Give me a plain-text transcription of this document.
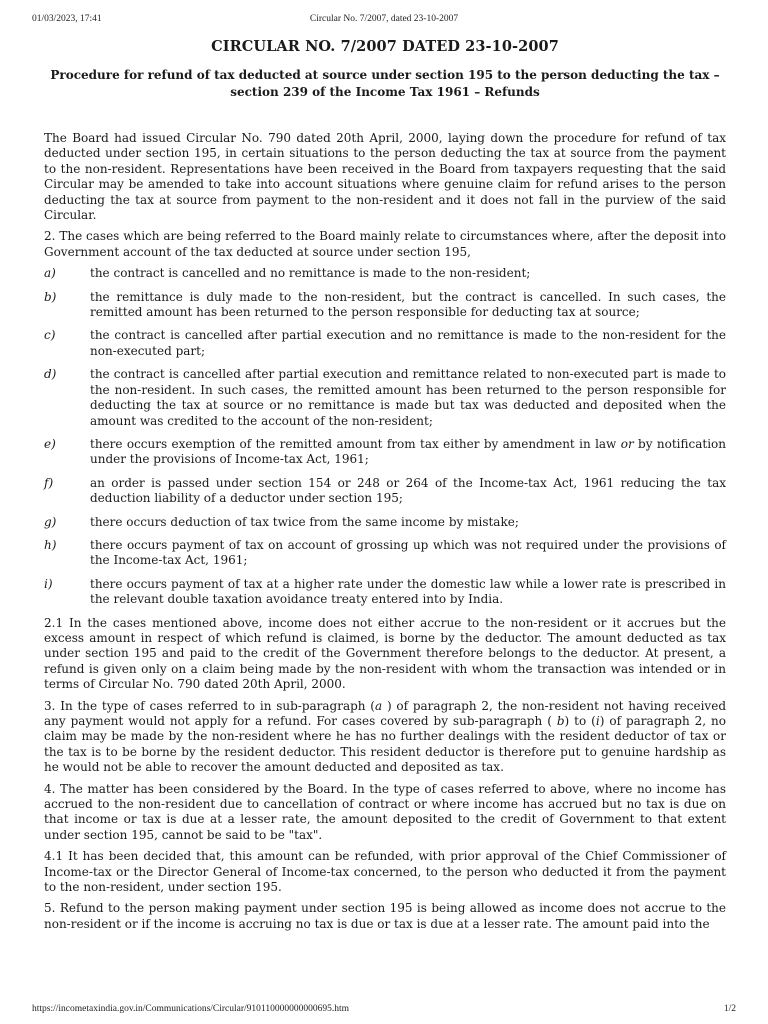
01/03/2023, 17:41	Circular No. 7/2007, dated 23-10-2007
CIRCULAR NO. 7/2007 DATED 23-10-2007
Procedure for refund of tax deducted at source under section 195 to the person deducting the tax –
section 239 of the Income Tax 1961 – Refunds

The Board had issued Circular No. 790 dated 20th April, 2000, laying down the procedure for refund of tax deducted under section 195, in certain situations to the person deducting the tax at source from the payment to the non-resident. Representations have been received in the Board from taxpayers requesting that the said Circular may be amended to take into account situations where genuine claim for refund arises to the person deducting the tax at source from payment to the non-resident and it does not fall in the purview of the said Circular.

2. The cases which are being referred to the Board mainly relate to circumstances where, after the deposit into Government account of the tax deducted at source under section 195,

a)	the contract is cancelled and no remittance is made to the non-resident;
b)	the remittance is duly made to the non-resident, but the contract is cancelled. In such cases, the remitted amount has been returned to the person responsible for deducting tax at source;
c)	the contract is cancelled after partial execution and no remittance is made to the non-resident for the non-executed part;
d)	the contract is cancelled after partial execution and remittance related to non-executed part is made to the non-resident. In such cases, the remitted amount has been returned to the person responsible for deducting the tax at source or no remittance is made but tax was deducted and deposited when the amount was credited to the account of the non-resident;
e)	there occurs exemption of the remitted amount from tax either by amendment in law or by notification under the provisions of Income-tax Act, 1961;
f)	an order is passed under section 154 or 248 or 264 of the Income-tax Act, 1961 reducing the tax deduction liability of a deductor under section 195;
g)	there occurs deduction of tax twice from the same income by mistake;
h)	there occurs payment of tax on account of grossing up which was not required under the provisions of the Income-tax Act, 1961;
i)	there occurs payment of tax at a higher rate under the domestic law while a lower rate is prescribed in the relevant double taxation avoidance treaty entered into by India.

2.1 In the cases mentioned above, income does not either accrue to the non-resident or it accrues but the excess amount in respect of which refund is claimed, is borne by the deductor. The amount deducted as tax under section 195 and paid to the credit of the Government therefore belongs to the deductor. At present, a refund is given only on a claim being made by the non-resident with whom the transaction was intended or in terms of Circular No. 790 dated 20th April, 2000.

3. In the type of cases referred to in sub-paragraph (a ) of paragraph 2, the non-resident not having received any payment would not apply for a refund. For cases covered by sub-paragraph ( b) to (i) of paragraph 2, no claim may be made by the non-resident where he has no further dealings with the resident deductor of tax or the tax is to be borne by the resident deductor. This resident deductor is therefore put to genuine hardship as he would not be able to recover the amount deducted and deposited as tax.

4. The matter has been considered by the Board. In the type of cases referred to above, where no income has accrued to the non-resident due to cancellation of contract or where income has accrued but no tax is due on that income or tax is due at a lesser rate, the amount deposited to the credit of Government to that extent under section 195, cannot be said to be "tax".

4.1 It has been decided that, this amount can be refunded, with prior approval of the Chief Commissioner of Income-tax or the Director General of Income-tax concerned, to the person who deducted it from the payment to the non-resident, under section 195.

5. Refund to the person making payment under section 195 is being allowed as income does not accrue to the non-resident or if the income is accruing no tax is due or tax is due at a lesser rate. The amount paid into the

https://incometaxindia.gov.in/Communications/Circular/910110000000000695.htm	1/2
